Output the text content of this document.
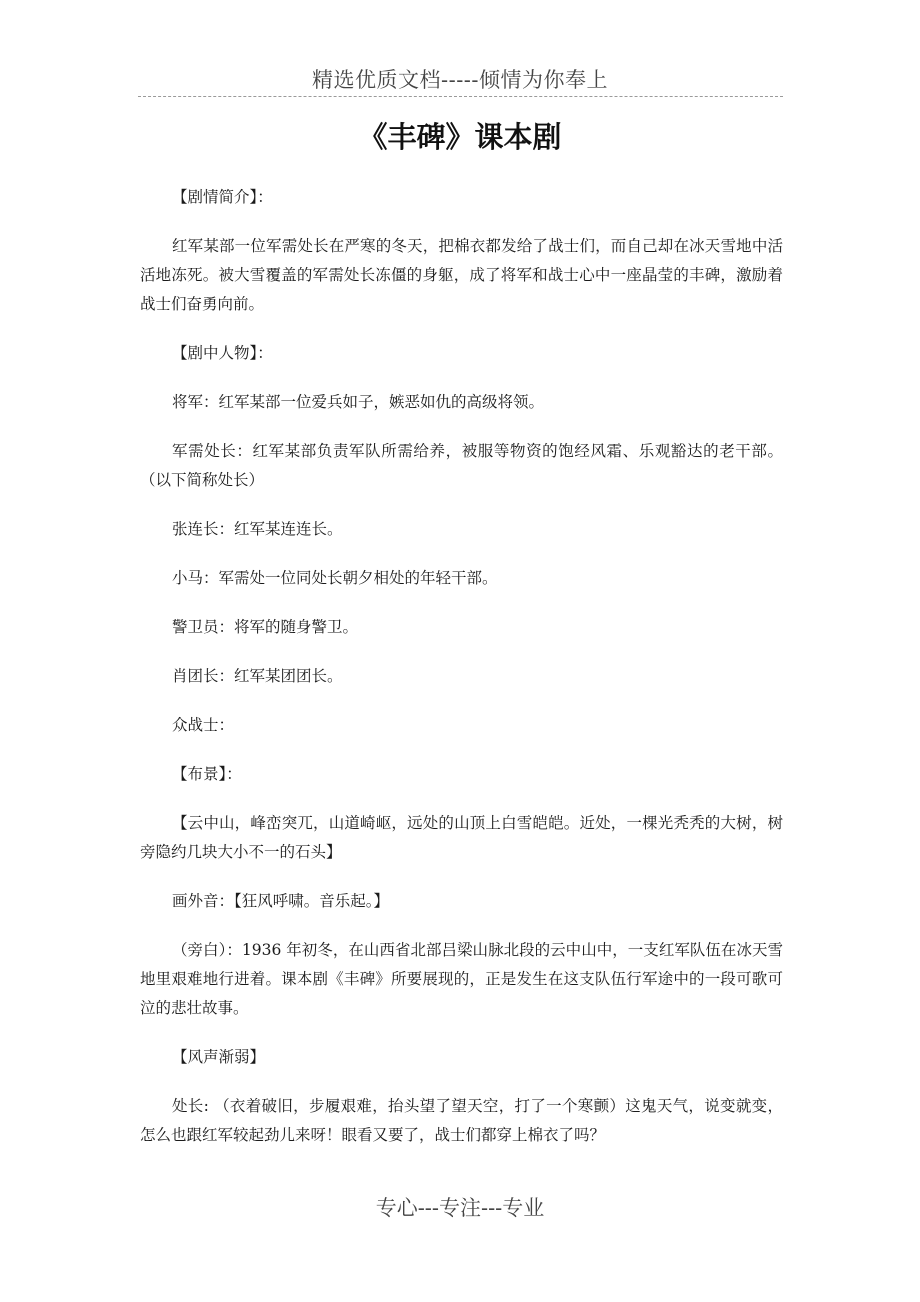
精选优质文档-----倾情为你奉上
《丰碑》课本剧

【剧情简介】：

红军某部一位军需处长在严寒的冬天，把棉衣都发给了战士们，而自己却在冰天雪地中活活地冻死。被大雪覆盖的军需处长冻僵的身躯，成了将军和战士心中一座晶莹的丰碑，激励着战士们奋勇向前。

【剧中人物】：

将军：红军某部一位爱兵如子，嫉恶如仇的高级将领。

军需处长：红军某部负责军队所需给养，被服等物资的饱经风霜、乐观豁达的老干部。（以下简称处长）

张连长：红军某连连长。

小马：军需处一位同处长朝夕相处的年轻干部。

警卫员：将军的随身警卫。

肖团长：红军某团团长。

众战士：

【布景】：

【云中山，峰峦突兀，山道崎岖，远处的山顶上白雪皑皑。近处，一棵光秃秃的大树，树旁隐约几块大小不一的石头】

画外音：【狂风呼啸。音乐起。】

（旁白）：1936 年初冬，在山西省北部吕梁山脉北段的云中山中，一支红军队伍在冰天雪地里艰难地行进着。课本剧《丰碑》所要展现的，正是发生在这支队伍行军途中的一段可歌可泣的悲壮故事。

【风声渐弱】

处长: （衣着破旧，步履艰难，抬头望了望天空，打了一个寒颤）这鬼天气，说变就变，怎么也跟红军较起劲儿来呀！眼看又要了，战士们都穿上棉衣了吗？

专心---专注---专业
